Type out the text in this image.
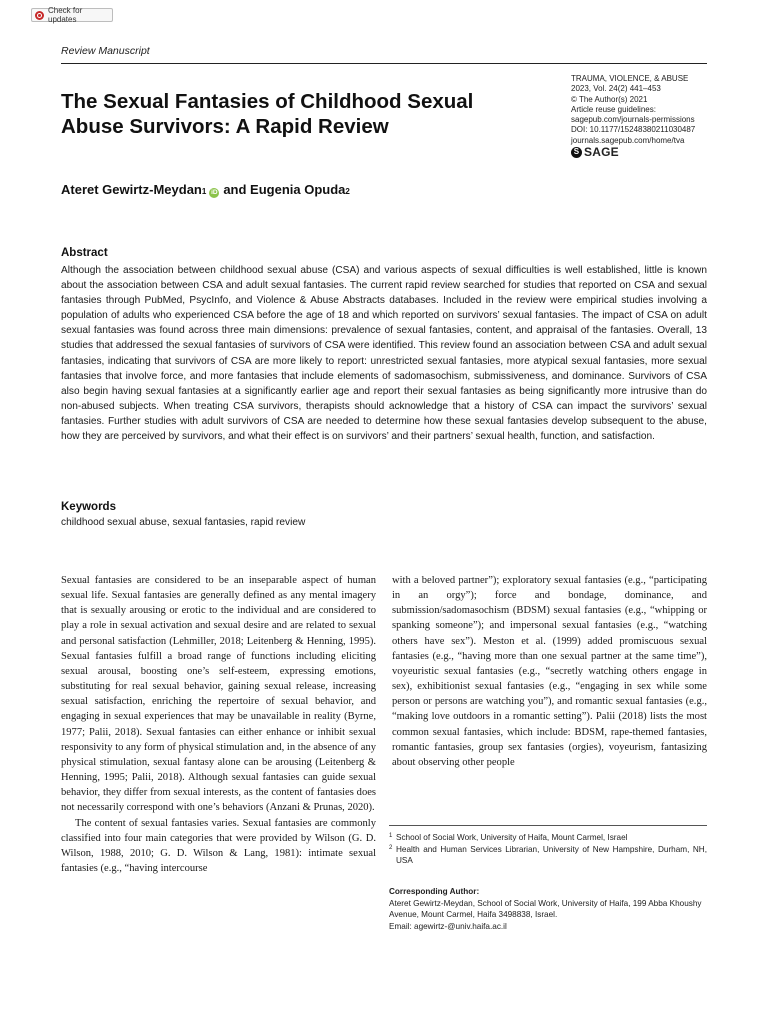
Check for updates
Review Manuscript
TRAUMA, VIOLENCE, & ABUSE
2023, Vol. 24(2) 441–453
© The Author(s) 2021
Article reuse guidelines:
sagepub.com/journals-permissions
DOI: 10.1177/15248380211030487
journals.sagepub.com/home/tva
S SAGE
The Sexual Fantasies of Childhood Sexual Abuse Survivors: A Rapid Review
Ateret Gewirtz-Meydan 1 iD and Eugenia Opuda 2
Abstract

Although the association between childhood sexual abuse (CSA) and various aspects of sexual difficulties is well established, little is known about the association between CSA and adult sexual fantasies. The current rapid review searched for studies that reported on CSA and sexual fantasies through PubMed, PsycInfo, and Violence & Abuse Abstracts databases. Included in the review were empirical studies involving a population of adults who experienced CSA before the age of 18 and which reported on survivors’ sexual fantasies. The impact of CSA on adult sexual fantasies was found across three main dimensions: prevalence of sexual fantasies, content, and appraisal of the fantasies. Overall, 13 studies that addressed the sexual fantasies of survivors of CSA were identified. This review found an association between CSA and adult sexual fantasies, indicating that survivors of CSA are more likely to report: unrestricted sexual fantasies, more atypical sexual fantasies, more sexual fantasies that involve force, and more fantasies that include elements of sadomasochism, submissiveness, and dominance. Survivors of CSA also begin having sexual fantasies at a significantly earlier age and report their sexual fantasies as being significantly more intrusive than do non-abused subjects. When treating CSA survivors, therapists should acknowledge that a history of CSA can impact the survivors’ sexual fantasies. Further studies with adult survivors of CSA are needed to determine how these sexual fantasies develop subsequent to the abuse, how they are perceived by survivors, and what their effect is on survivors’ and their partners’ sexual health, function, and satisfaction.

Keywords
childhood sexual abuse, sexual fantasies, rapid review

Sexual fantasies are considered to be an inseparable aspect of human sexual life. Sexual fantasies are generally defined as any mental imagery that is sexually arousing or erotic to the individual and are considered to play a role in sexual activation and sexual desire and are related to sexual and personal satisfaction (Lehmiller, 2018; Leitenberg & Henning, 1995). Sexual fantasies fulfill a broad range of functions including eliciting sexual arousal, boosting one’s self-esteem, expressing emotions, substituting for real sexual behavior, gaining sexual release, increasing sexual satisfaction, enriching the repertoire of sexual behavior, and engaging in sexual experiences that may be unavailable in reality (Byrne, 1977; Palii, 2018). Sexual fantasies can either enhance or inhibit sexual responsivity to any form of physical stimulation and, in the absence of any physical stimulation, sexual fantasy alone can be arousing (Leitenberg & Henning, 1995; Palii, 2018). Although sexual fantasies can guide sexual behavior, they differ from sexual interests, as the content of fantasies does not necessarily correspond with one’s behaviors (Anzani & Prunas, 2020).

The content of sexual fantasies varies. Sexual fantasies are commonly classified into four main categories that were provided by Wilson (G. D. Wilson, 1988, 2010; G. D. Wilson & Lang, 1981): intimate sexual fantasies (e.g., “having intercourse

with a beloved partner”); exploratory sexual fantasies (e.g., “participating in an orgy”); force and bondage, dominance, and submission/sadomasochism (BDSM) sexual fantasies (e.g., “whipping or spanking someone”); and impersonal sexual fantasies (e.g., “watching others have sex”). Meston et al. (1999) added promiscuous sexual fantasies (e.g., “having more than one sexual partner at the same time”), voyeuristic sexual fantasies (e.g., “secretly watching others engage in sex), exhibitionist sexual fantasies (e.g., “engaging in sex while some person or persons are watching you”), and romantic sexual fantasies (e.g., “making love outdoors in a romantic setting”). Palii (2018) lists the most common sexual fantasies, which include: BDSM, rape-themed fantasies, romantic fantasies, group sex fantasies (orgies), voyeurism, fantasizing about observing other people

1 School of Social Work, University of Haifa, Mount Carmel, Israel
2 Health and Human Services Librarian, University of New Hampshire, Durham, NH, USA
Corresponding Author:
Ateret Gewirtz-Meydan, School of Social Work, University of Haifa, 199 Abba Khoushy Avenue, Mount Carmel, Haifa 3498838, Israel.
Email: agewirtz-@univ.haifa.ac.il
